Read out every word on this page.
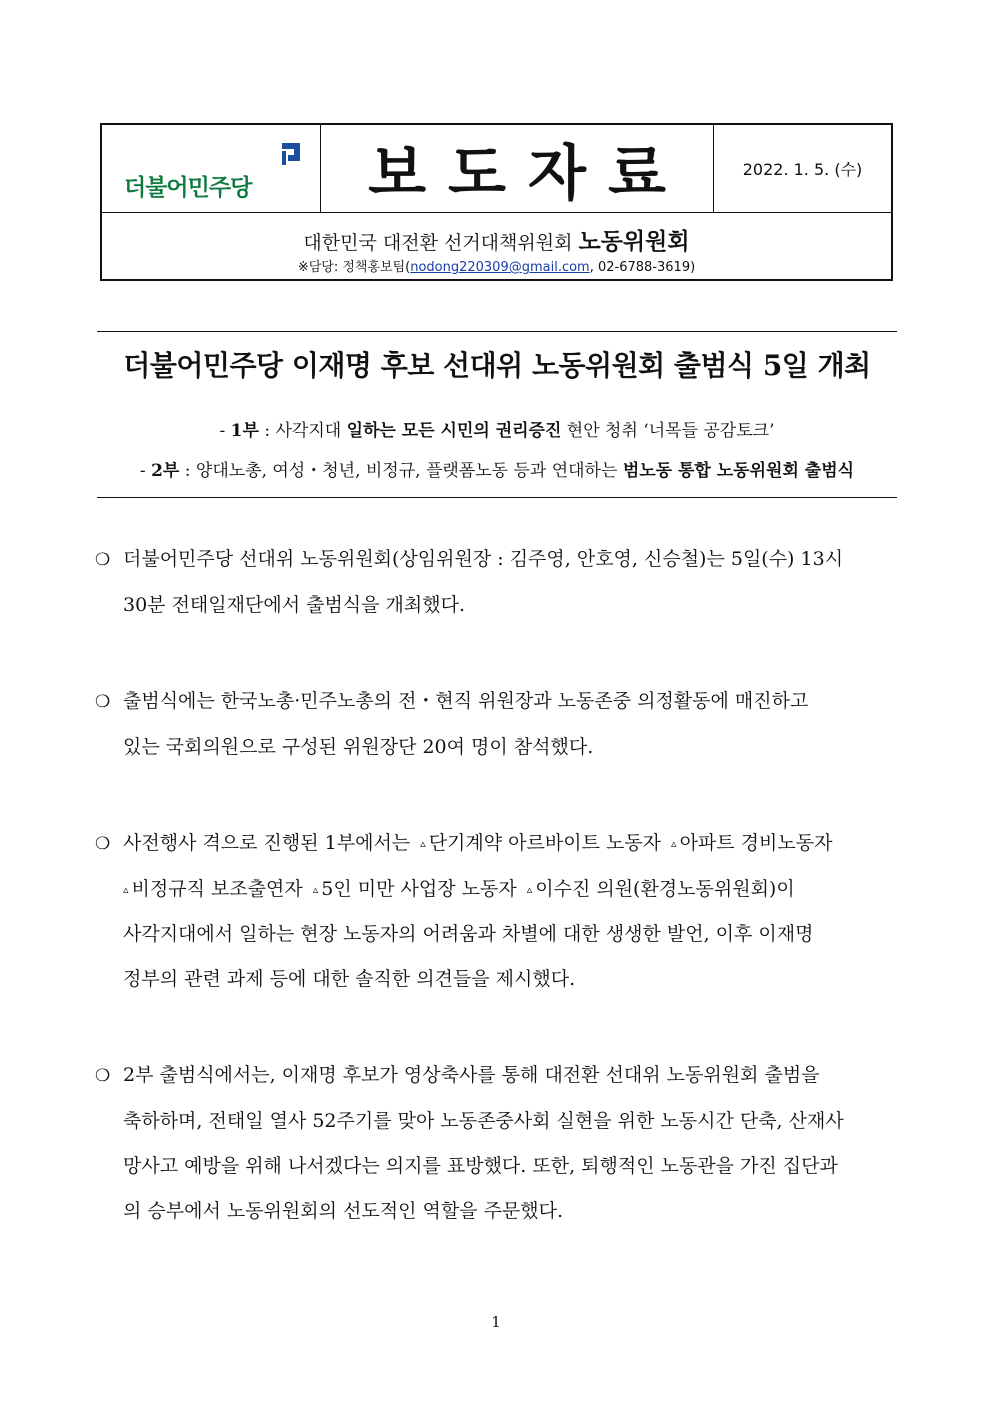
더불어민주당 보도자료	2022. 1. 5. (수)
대한민국 대전환 선거대책위원회 노동위원회
※담당: 정책홍보팀(nodong220309@gmail.com, 02-6788-3619)
더불어민주당 이재명 후보 선대위 노동위원회 출범식 5일 개최
- 1부 : 사각지대 일하는 모든 시민의 권리증진 현안 청취 ‘너목들 공감토크’
- 2부 : 양대노총, 여성・청년, 비정규, 플랫폼노동 등과 연대하는 범노동 통합 노동위원회 출범식
❍ 더불어민주당 선대위 노동위원회(상임위원장 : 김주영, 안호영, 신승철)는 5일(수) 13시
30분 전태일재단에서 출범식을 개최했다.
❍ 출범식에는 한국노총·민주노총의 전・현직 위원장과 노동존중 의정활동에 매진하고
있는 국회의원으로 구성된 위원장단 20여 명이 참석했다.
❍ 사전행사 격으로 진행된 1부에서는 ▵ 단기계약 아르바이트 노동자 ▵ 아파트 경비노동자
▵ 비정규직 보조출연자 ▵ 5인 미만 사업장 노동자 ▵ 이수진 의원(환경노동위원회)이
사각지대에서 일하는 현장 노동자의 어려움과 차별에 대한 생생한 발언, 이후 이재명
정부의 관련 과제 등에 대한 솔직한 의견들을 제시했다.
❍ 2부 출범식에서는, 이재명 후보가 영상축사를 통해 대전환 선대위 노동위원회 출범을
축하하며, 전태일 열사 52주기를 맞아 노동존중사회 실현을 위한 노동시간 단축, 산재사
망사고 예방을 위해 나서겠다는 의지를 표방했다. 또한, 퇴행적인 노동관을 가진 집단과
의 승부에서 노동위원회의 선도적인 역할을 주문했다.
1
